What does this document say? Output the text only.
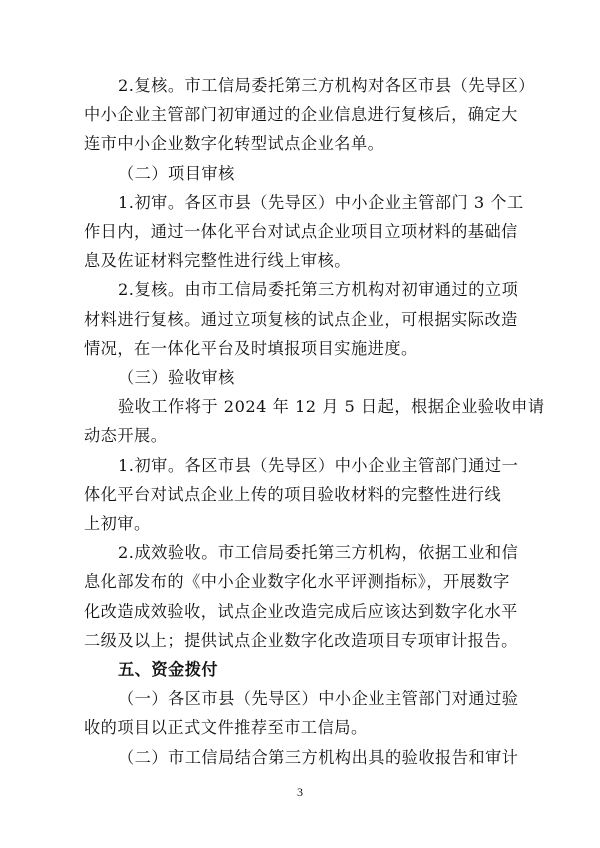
3
2.复核。市工信局委托第三方机构对各区市县（先导区）
中小企业主管部门初审通过的企业信息进行复核后，确定大
连市中小企业数字化转型试点企业名单。
（二）项目审核
1.初审。各区市县（先导区）中小企业主管部门 3 个工
作日内，通过一体化平台对试点企业项目立项材料的基础信
息及佐证材料完整性进行线上审核。
2.复核。由市工信局委托第三方机构对初审通过的立项
材料进行复核。通过立项复核的试点企业，可根据实际改造
情况，在一体化平台及时填报项目实施进度。
（三）验收审核
验收工作将于 2024 年 12 月 5 日起，根据企业验收申请
动态开展。
1.初审。各区市县（先导区）中小企业主管部门通过一
体化平台对试点企业上传的项目验收材料的完整性进行线
上初审。
2.成效验收。市工信局委托第三方机构，依据工业和信
息化部发布的《中小企业数字化水平评测指标》，开展数字
化改造成效验收，试点企业改造完成后应该达到数字化水平
二级及以上；提供试点企业数字化改造项目专项审计报告。
五、资金拨付
（一）各区市县（先导区）中小企业主管部门对通过验
收的项目以正式文件推荐至市工信局。
（二）市工信局结合第三方机构出具的验收报告和审计
